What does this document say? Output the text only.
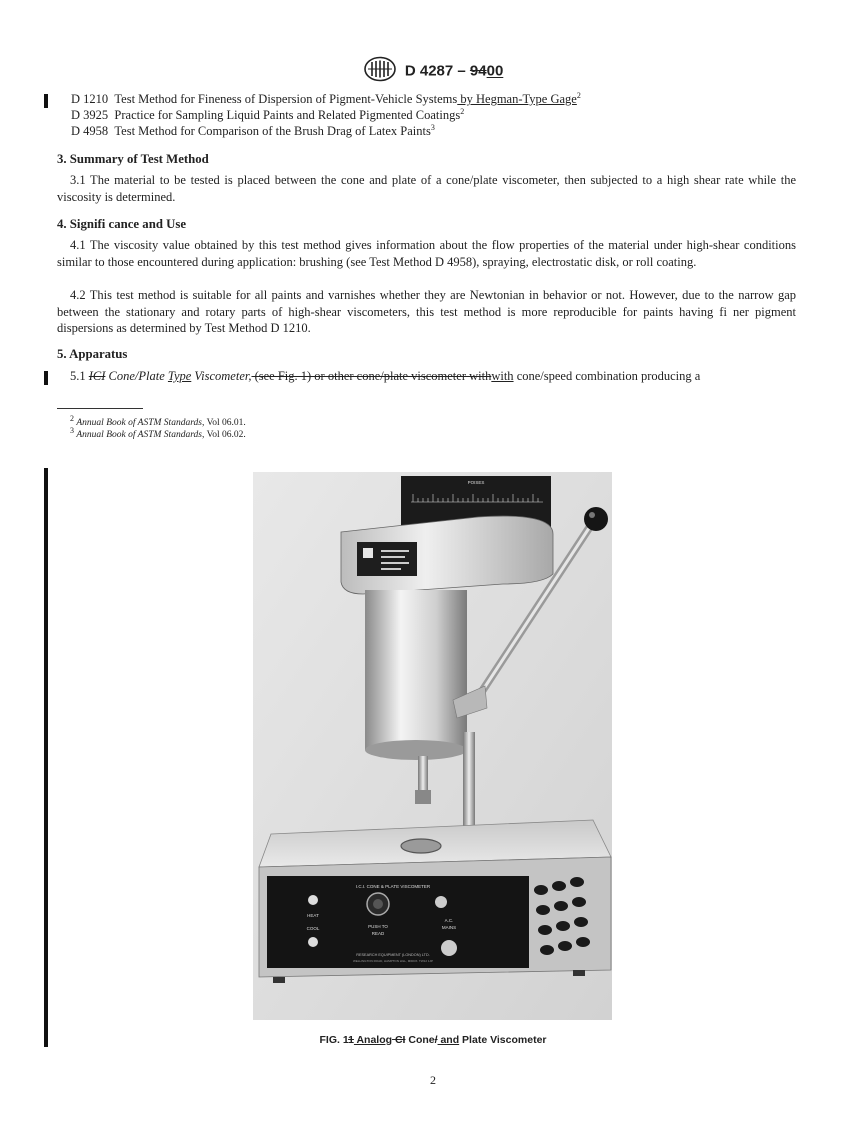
D 4287 – 9400
D 1210 Test Method for Fineness of Dispersion of Pigment-Vehicle Systems by Hegman-Type Gage$^2$
D 3925 Practice for Sampling Liquid Paints and Related Pigmented Coatings$^2$
D 4958 Test Method for Comparison of the Brush Drag of Latex Paints$^3$
3. Summary of Test Method
3.1 The material to be tested is placed between the cone and plate of a cone/plate viscometer, then subjected to a high shear rate while the viscosity is determined.
4. Signifi cance and Use
4.1 The viscosity value obtained by this test method gives information about the flow properties of the material under high-shear conditions similar to those encountered during application: brushing (see Test Method D 4958), spraying, electrostatic disk, or roll coating.
4.2 This test method is suitable for all paints and varnishes whether they are Newtonian in behavior or not. However, due to the narrow gap between the stationary and rotary parts of high-shear viscometers, this test method is more reproducible for paints having fi ner pigment dispersions as determined by Test Method D 1210.
5. Apparatus
5.1 ICI Cone/Plate Type Viscometer, (see Fig. 1) or other cone/plate viscometer withwith cone/speed combination producing a
$^2$ Annual Book of ASTM Standards, Vol 06.01.
$^3$ Annual Book of ASTM Standards, Vol 06.02.
POISES
I.C.I. CONE & PLATE VISCOMETER
HEAT
COOL	PUSH TO
READ
A.C.
MAINS
RESEARCH EQUIPMENT (LONDON) LTD.
WELLINGTON ROAD, HAMPTON HILL, MIDDX. TW12 1JP
FIG. 11 Analog CI Cone/ and Plate Viscometer
2
